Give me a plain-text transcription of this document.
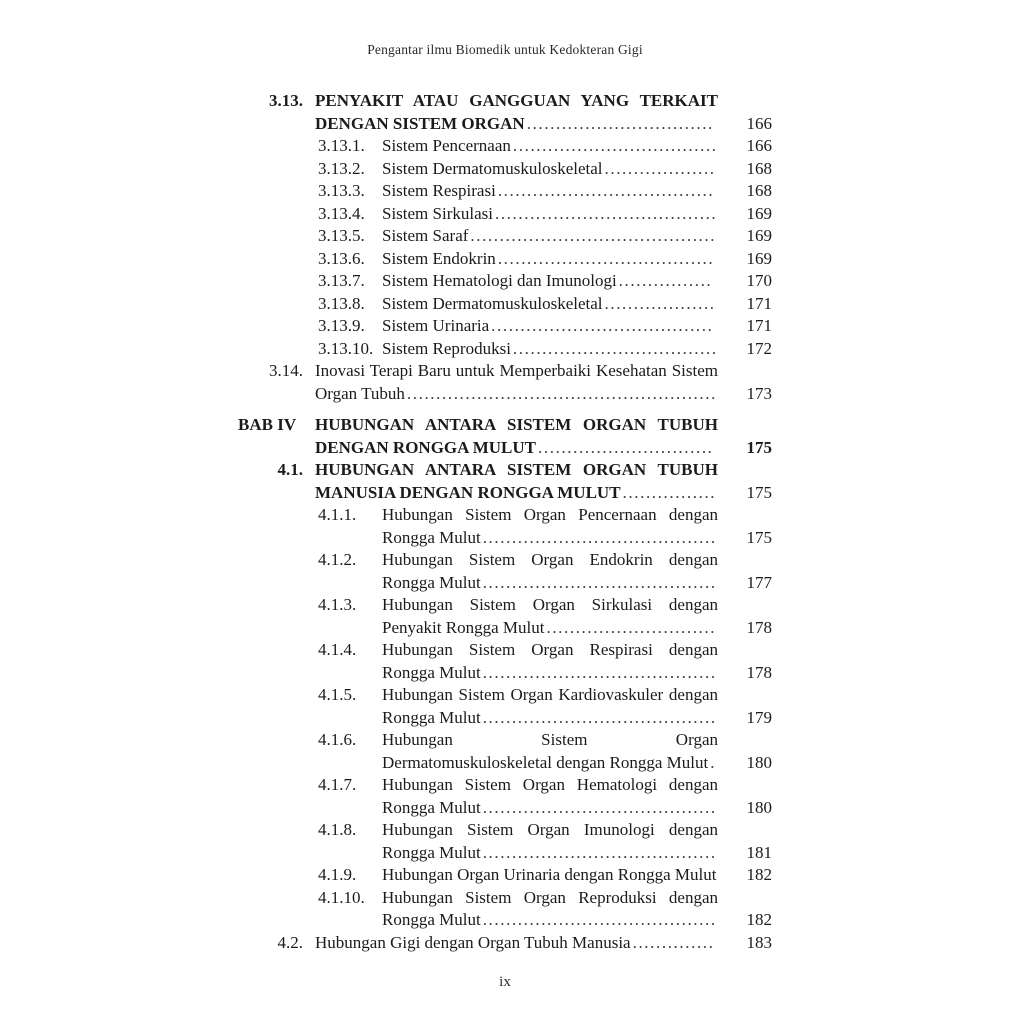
Pengantar ilmu Biomedik untuk Kedokteran Gigi
3.13. PENYAKIT ATAU GANGGUAN YANG TERKAIT DENGAN SISTEM ORGAN ................................ 166
3.13.1.	Sistem Pencernaan ................................... 166
3.13.2.	Sistem Dermatomuskuloskeletal ................... 168
3.13.3.	Sistem Respirasi ..................................... 168
3.13.4.	Sistem Sirkulasi ...................................... 169
3.13.5.	Sistem Saraf .......................................... 169
3.13.6.	Sistem Endokrin ..................................... 169
3.13.7.	Sistem Hematologi dan Imunologi ................	170
3.13.8.	Sistem Dermatomuskuloskeletal ................... 171
3.13.9.	Sistem Urinaria ...................................... 171
3.13.10. Sistem Reproduksi ................................... 172
3.14. Inovasi Terapi Baru untuk Memperbaiki Kesehatan Sistem Organ Tubuh ..................................................... 173
BAB IV	HUBUNGAN ANTARA SISTEM ORGAN TUBUH DENGAN RONGGA MULUT .............................. 175
4.1. HUBUNGAN ANTARA SISTEM ORGAN TUBUH MANUSIA DENGAN RONGGA MULUT ................ 175
4.1.1.	Hubungan Sistem Organ Pencernaan dengan Rongga Mulut ........................................ 175
4.1.2.	Hubungan Sistem Organ Endokrin dengan Rongga Mulut ........................................ 177
4.1.3.	Hubungan Sistem Organ Sirkulasi dengan Penyakit Rongga Mulut ............................. 178
4.1.4.	Hubungan Sistem Organ Respirasi dengan Rongga Mulut ........................................ 178
4.1.5.	Hubungan Sistem Organ Kardiovaskuler dengan Rongga Mulut ........................................ 179
4.1.6.	Hubungan Sistem Organ Dermatomuskuloskeletal dengan Rongga Mulut . 180
4.1.7.	Hubungan Sistem Organ Hematologi dengan Rongga Mulut ........................................ 180
4.1.8.	Hubungan Sistem Organ Imunologi dengan Rongga Mulut ........................................ 181
4.1.9.	Hubungan Organ Urinaria dengan Rongga Mulut 182
4.1.10.	Hubungan Sistem Organ Reproduksi dengan Rongga Mulut ........................................ 182
4.2. Hubungan Gigi dengan Organ Tubuh Manusia .............. 183
ix
